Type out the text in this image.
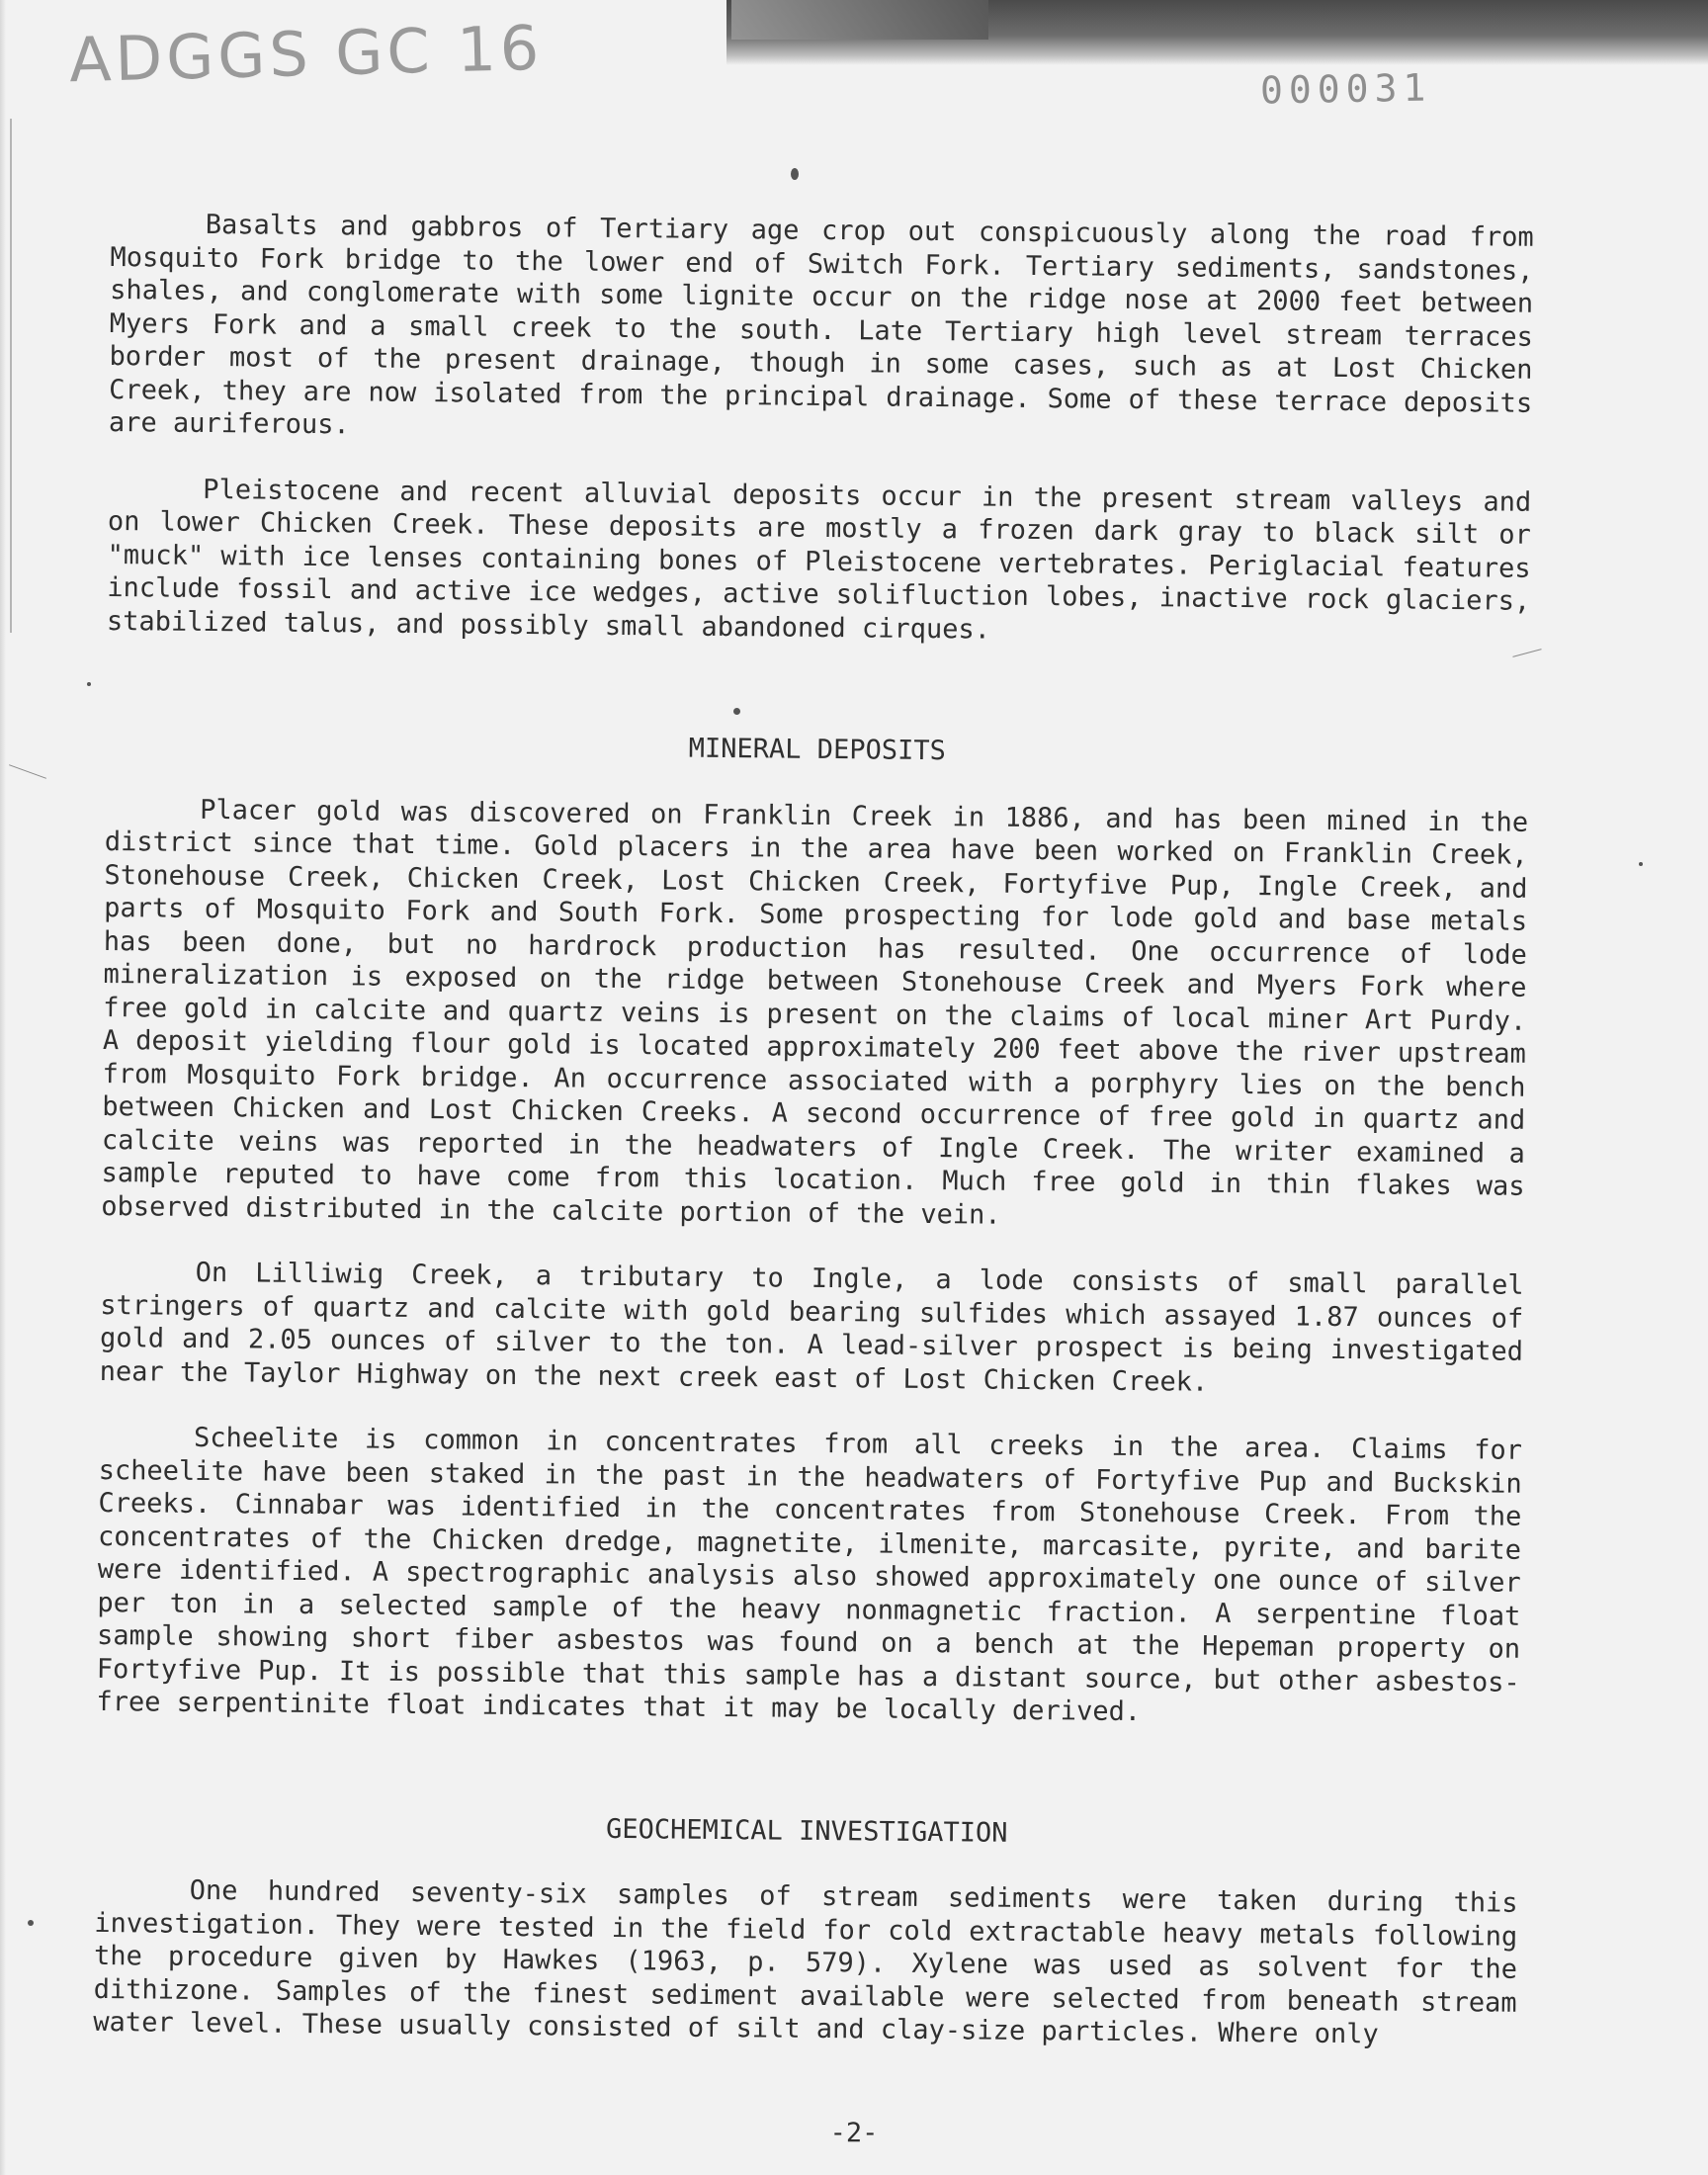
ADGGS GC 16	000031

Basalts and gabbros of Tertiary age crop out conspicuously along the road from Mosquito Fork bridge to the lower end of Switch Fork. Tertiary sediments, sandstones, shales, and conglomerate with some lignite occur on the ridge nose at 2000 feet between Myers Fork and a small creek to the south. Late Tertiary high level stream terraces border most of the present drainage, though in some cases, such as at Lost Chicken Creek, they are now isolated from the principal drainage. Some of these terrace deposits are auriferous.

Pleistocene and recent alluvial deposits occur in the present stream valleys and on lower Chicken Creek. These deposits are mostly a frozen dark gray to black silt or "muck" with ice lenses containing bones of Pleistocene vertebrates. Periglacial features include fossil and active ice wedges, active solifluction lobes, inactive rock glaciers, stabilized talus, and possibly small abandoned cirques.

MINERAL DEPOSITS

Placer gold was discovered on Franklin Creek in 1886, and has been mined in the district since that time. Gold placers in the area have been worked on Franklin Creek, Stonehouse Creek, Chicken Creek, Lost Chicken Creek, Fortyfive Pup, Ingle Creek, and parts of Mosquito Fork and South Fork. Some prospecting for lode gold and base metals has been done, but no hardrock production has resulted. One occurrence of lode mineralization is exposed on the ridge between Stonehouse Creek and Myers Fork where free gold in calcite and quartz veins is present on the claims of local miner Art Purdy. A deposit yielding flour gold is located approximately 200 feet above the river upstream from Mosquito Fork bridge. An occurrence associated with a porphyry lies on the bench between Chicken and Lost Chicken Creeks. A second occurrence of free gold in quartz and calcite veins was reported in the headwaters of Ingle Creek. The writer examined a sample reputed to have come from this location. Much free gold in thin flakes was observed distributed in the calcite portion of the vein.

On Lilliwig Creek, a tributary to Ingle, a lode consists of small parallel stringers of quartz and calcite with gold bearing sulfides which assayed 1.87 ounces of gold and 2.05 ounces of silver to the ton. A lead-silver prospect is being investigated near the Taylor Highway on the next creek east of Lost Chicken Creek.

Scheelite is common in concentrates from all creeks in the area. Claims for scheelite have been staked in the past in the headwaters of Fortyfive Pup and Buckskin Creeks. Cinnabar was identified in the concentrates from Stonehouse Creek. From the concentrates of the Chicken dredge, magnetite, ilmenite, marcasite, pyrite, and barite were identified. A spectrographic analysis also showed approximately one ounce of silver per ton in a selected sample of the heavy nonmagnetic fraction. A serpentine float sample showing short fiber asbestos was found on a bench at the Hepeman property on Fortyfive Pup. It is possible that this sample has a distant source, but other asbestos-free serpentinite float indicates that it may be locally derived.

GEOCHEMICAL INVESTIGATION

One hundred seventy-six samples of stream sediments were taken during this investigation. They were tested in the field for cold extractable heavy metals following the procedure given by Hawkes (1963, p. 579). Xylene was used as solvent for the dithizone. Samples of the finest sediment available were selected from beneath stream water level. These usually consisted of silt and clay-size particles. Where only

-2-
